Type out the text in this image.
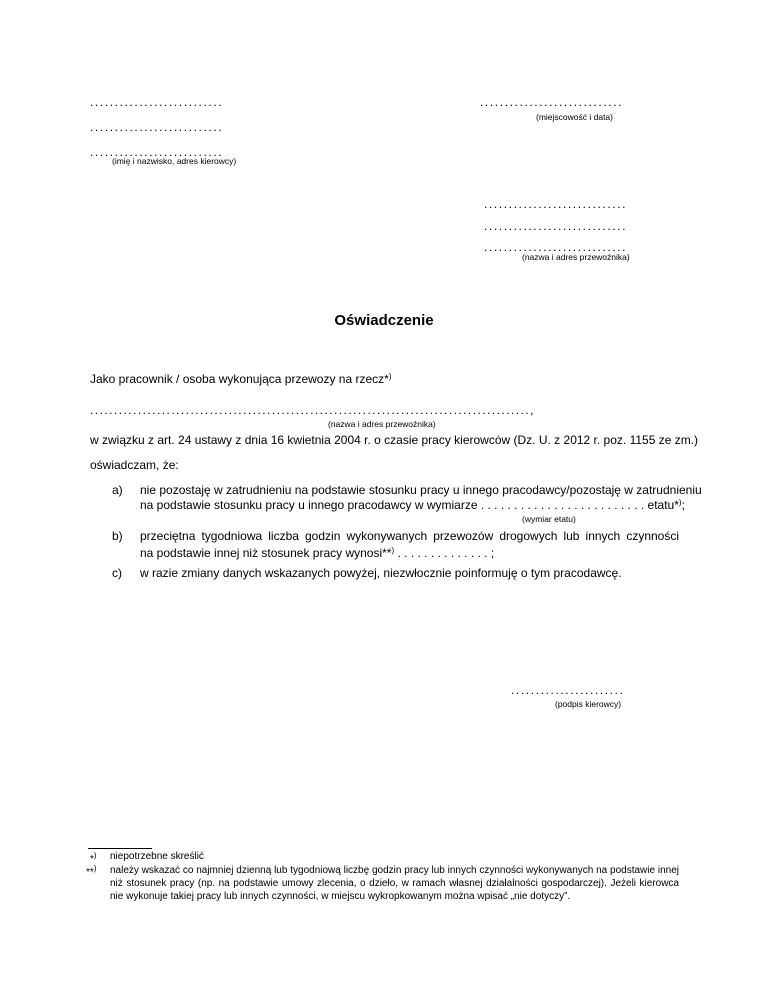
...........................
...........................
...........................
(imię i nazwisko, adres kierowcy)
.............................
(miejscowość i data)
.............................
.............................
.............................
(nazwa i adres przewoźnika)
Oświadczenie
Jako pracownik / osoba wykonująca przewozy na rzecz*)
............................................................................................,
(nazwa i adres przewoźnika)
w związku z art. 24 ustawy z dnia 16 kwietnia 2004 r. o czasie pracy kierowców (Dz. U. z 2012 r. poz. 1155 ze zm.)
oświadczam, że:
a) nie pozostaję w zatrudnieniu na podstawie stosunku pracy u innego pracodawcy/pozostaję w zatrudnieniu
na podstawie stosunku pracy u innego pracodawcy w wymiarze . . . . . . . . . . . . . . . . . . . . . . . . . etatu*);
(wymiar etatu)
b) przeciętna tygodniowa liczba godzin wykonywanych przewozów drogowych lub innych czynności
na podstawie innej niż stosunek pracy wynosi**) . . . . . . . . . . . . . . ;
c) w razie zmiany danych wskazanych powyżej, niezwłocznie poinformuję o tym pracodawcę.
.......................
(podpis kierowcy)
*) niepotrzebne skreślić
**) należy wskazać co najmniej dzienną lub tygodniową liczbę godzin pracy lub innych czynności wykonywanych na podstawie innej niż stosunek pracy (np. na podstawie umowy zlecenia, o dzieło, w ramach własnej działalności gospodarczej). Jeżeli kierowca nie wykonuje takiej pracy lub innych czynności, w miejscu wykropkowanym można wpisać „nie dotyczy”.
